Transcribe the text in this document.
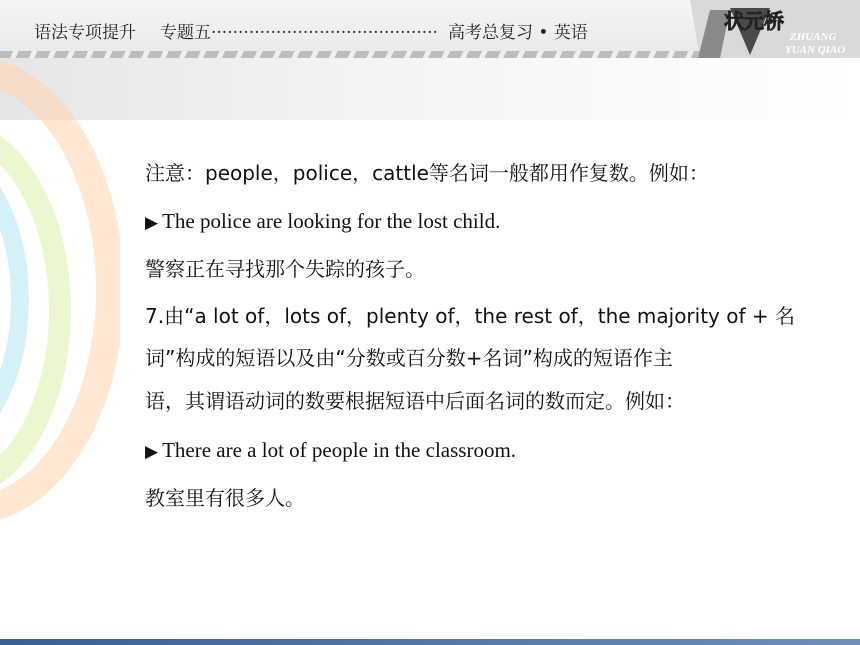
语法专项提升 专题五·········································· 高考总复习 • 英语	状元桥
ZHUANG
YUAN QIAO
注意：people，police，cattle等名词一般都用作复数。例如：
▶ The police are looking for the lost child.
警察正在寻找那个失踪的孩子。
7.由“a lot of，lots of，plenty of，the rest of，the majority of + 名
词”构成的短语以及由“分数或百分数+名词”构成的短语作主
语，其谓语动词的数要根据短语中后面名词的数而定。例如：
▶ There are a lot of people in the classroom.
教室里有很多人。
